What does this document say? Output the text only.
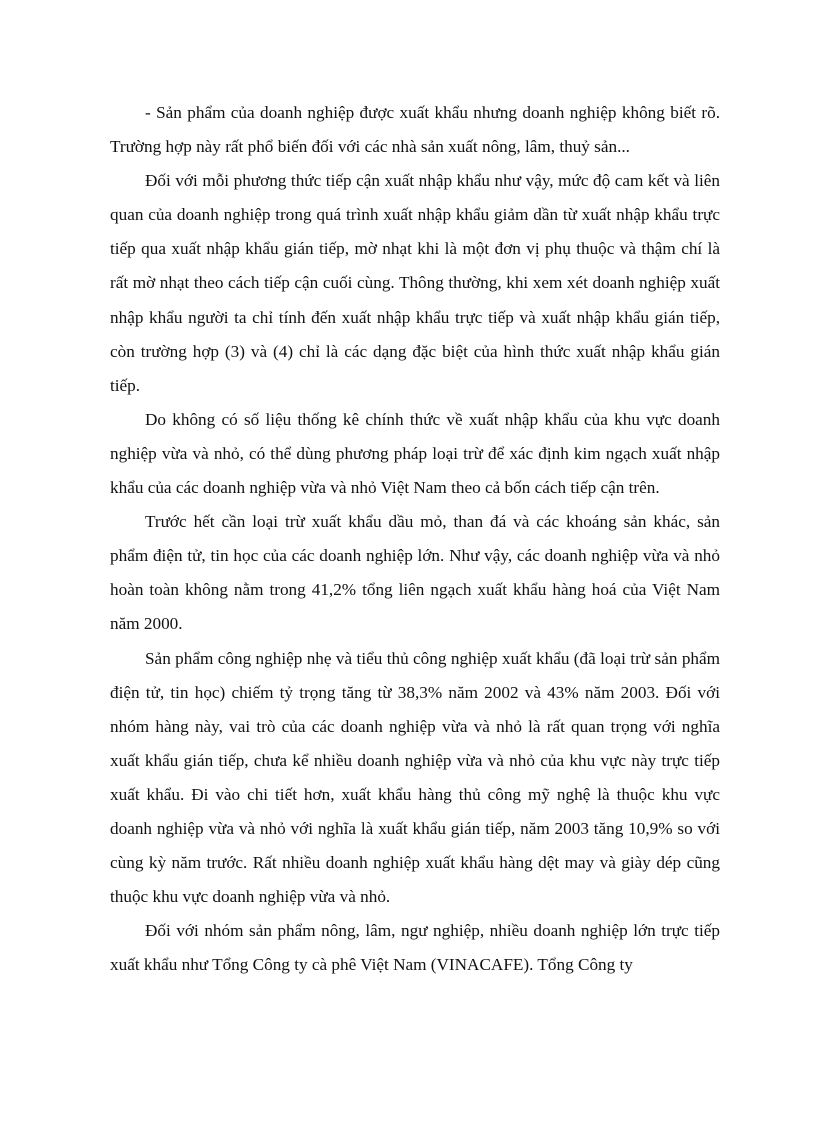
- Sản phẩm của doanh nghiệp được xuất khẩu nhưng doanh nghiệp không biết rõ. Trường hợp này rất phổ biến đối với các nhà sản xuất nông, lâm, thuỷ sản...

Đối với mỗi phương thức tiếp cận xuất nhập khẩu như vậy, mức độ cam kết và liên quan của doanh nghiệp trong quá trình xuất nhập khẩu giảm dần từ xuất nhập khẩu trực tiếp qua xuất nhập khẩu gián tiếp, mờ nhạt khi là một đơn vị phụ thuộc và thậm chí là rất mờ nhạt theo cách tiếp cận cuối cùng. Thông thường, khi xem xét doanh nghiệp xuất nhập khẩu người ta chỉ tính đến xuất nhập khẩu trực tiếp và xuất nhập khẩu gián tiếp, còn trường hợp (3) và (4) chỉ là các dạng đặc biệt của hình thức xuất nhập khẩu gián tiếp.

Do không có số liệu thống kê chính thức về xuất nhập khẩu của khu vực doanh nghiệp vừa và nhỏ, có thể dùng phương pháp loại trừ để xác định kim ngạch xuất nhập khẩu của các doanh nghiệp vừa và nhỏ Việt Nam theo cả bốn cách tiếp cận trên.

Trước hết cần loại trừ xuất khẩu dầu mỏ, than đá và các khoáng sản khác, sản phẩm điện tử, tin học của các doanh nghiệp lớn. Như vậy, các doanh nghiệp vừa và nhỏ hoàn toàn không nằm trong 41,2% tổng liên ngạch xuất khẩu hàng hoá của Việt Nam năm 2000.

Sản phẩm công nghiệp nhẹ và tiểu thủ công nghiệp xuất khẩu (đã loại trừ sản phẩm điện tử, tin học) chiếm tỷ trọng tăng từ 38,3% năm 2002 và 43% năm 2003. Đối với nhóm hàng này, vai trò của các doanh nghiệp vừa và nhỏ là rất quan trọng với nghĩa xuất khẩu gián tiếp, chưa kể nhiều doanh nghiệp vừa và nhỏ của khu vực này trực tiếp xuất khẩu. Đi vào chi tiết hơn, xuất khẩu hàng thủ công mỹ nghệ là thuộc khu vực doanh nghiệp vừa và nhỏ với nghĩa là xuất khẩu gián tiếp, năm 2003 tăng 10,9% so với cùng kỳ năm trước. Rất nhiều doanh nghiệp xuất khẩu hàng dệt may và giày dép cũng thuộc khu vực doanh nghiệp vừa và nhỏ.

Đối với nhóm sản phẩm nông, lâm, ngư nghiệp, nhiều doanh nghiệp lớn trực tiếp xuất khẩu như Tổng Công ty cà phê Việt Nam (VINACAFE). Tổng Công ty
